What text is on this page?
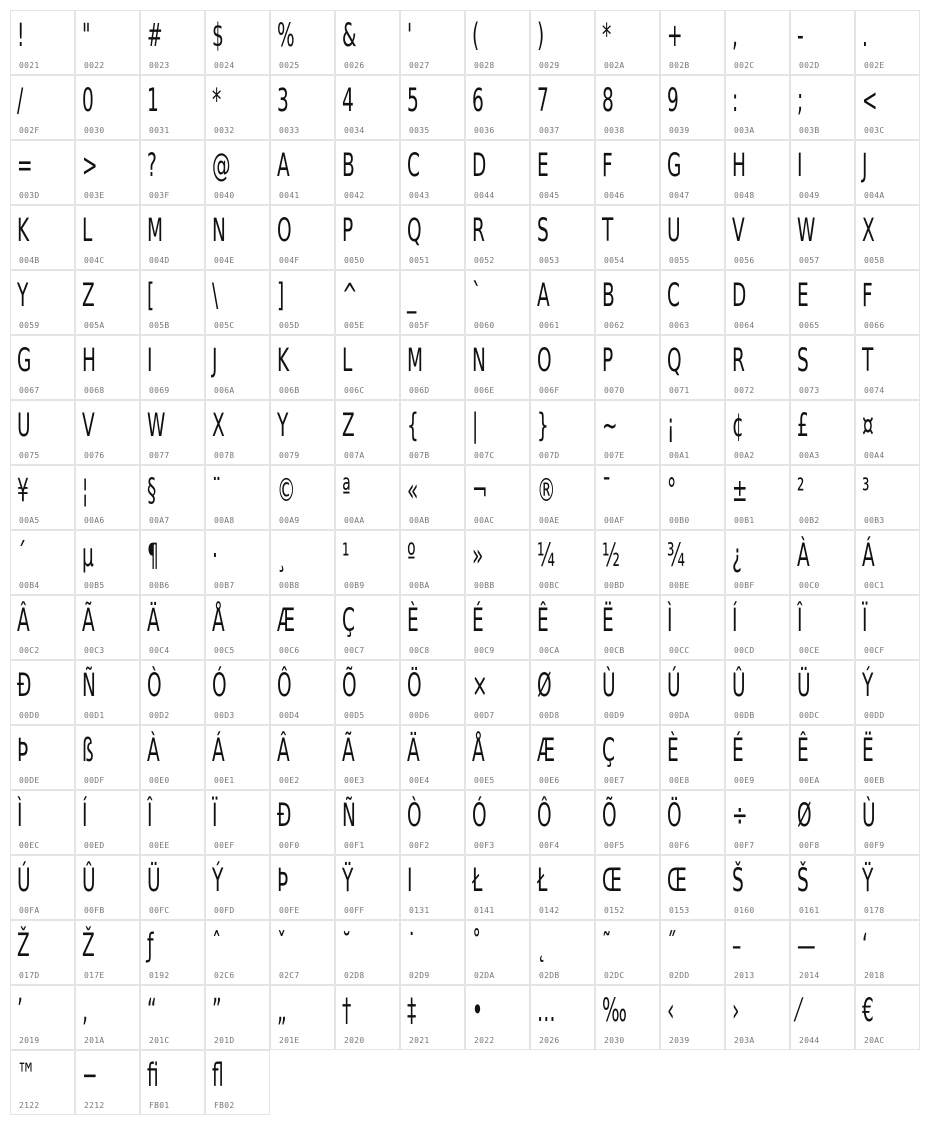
!
0021
"
0022
#
0023
$
0024
%
0025
&
0026
'
0027
(
0028
)
0029
*
002A
+
002B
,
002C
-
002D
.
002E
/
002F
0
0030
1
0031
*
0032
3
0033
4
0034
5
0035
6
0036
7
0037
8
0038
9
0039
:
003A
;
003B
<
003C
=
003D
>
003E
?
003F
@
0040
A
0041
B
0042
C
0043
D
0044
E
0045
F
0046
G
0047
H
0048
I
0049
J
004A
K
004B
L
004C
M
004D
N
004E
O
004F
P
0050
Q
0051
R
0052
S
0053
T
0054
U
0055
V
0056
W
0057
X
0058
Y
0059
Z
005A
[
005B
\
005C
]
005D
^
005E
_
005F
`
0060
A
0061
B
0062
C
0063
D
0064
E
0065
F
0066
G
0067
H
0068
I
0069
J
006A
K
006B
L
006C
M
006D
N
006E
O
006F
P
0070
Q
0071
R
0072
S
0073
T
0074
U
0075
V
0076
W
0077
X
0078
Y
0079
Z
007A
{
007B
|
007C
}
007D
~
007E
¡
00A1
¢
00A2
£
00A3
¤
00A4
¥
00A5
¦
00A6
§
00A7
¨
00A8
©
00A9
ª
00AA
«
00AB
¬
00AC
®
00AE
¯
00AF
°
00B0
±
00B1
²
00B2
³
00B3
´
00B4
µ
00B5
¶
00B6
·
00B7
¸
00B8
¹
00B9
º
00BA
»
00BB
¼
00BC
½
00BD
¾
00BE
¿
00BF
À
00C0
Á
00C1
Â
00C2
Ã
00C3
Ä
00C4
Å
00C5
Æ
00C6
Ç
00C7
È
00C8
É
00C9
Ê
00CA
Ë
00CB
Ì
00CC
Í
00CD
Î
00CE
Ï
00CF
Ð
00D0
Ñ
00D1
Ò
00D2
Ó
00D3
Ô
00D4
Õ
00D5
Ö
00D6
×
00D7
Ø
00D8
Ù
00D9
Ú
00DA
Û
00DB
Ü
00DC
Ý
00DD
Þ
00DE
ß
00DF
À
00E0
Á
00E1
Â
00E2
Ã
00E3
Ä
00E4
Å
00E5
Æ
00E6
Ç
00E7
È
00E8
É
00E9
Ê
00EA
Ë
00EB
Ì
00EC
Í
00ED
Î
00EE
Ï
00EF
Ð
00F0
Ñ
00F1
Ò
00F2
Ó
00F3
Ô
00F4
Õ
00F5
Ö
00F6
÷
00F7
Ø
00F8
Ù
00F9
Ú
00FA
Û
00FB
Ü
00FC
Ý
00FD
Þ
00FE
Ÿ
00FF
I
0131
Ł
0141
Ł
0142
Œ
0152
Œ
0153
Š
0160
Š
0161
Ÿ
0178
Ž
017D
Ž
017E
ƒ
0192
ˆ
02C6
ˇ
02C7
˘
02D8
˙
02D9
˚
02DA
˛
02DB
˜
02DC
˝
02DD
–
2013
—
2014
‘
2018
’
2019
‚
201A
“
201C
”
201D
„
201E
†
2020
‡
2021
•
2022
…
2026
‰
2030
‹
2039
›
203A
⁄
2044
€
20AC
™
2122
−
2212
ﬁ
FB01
ﬂ
FB02
